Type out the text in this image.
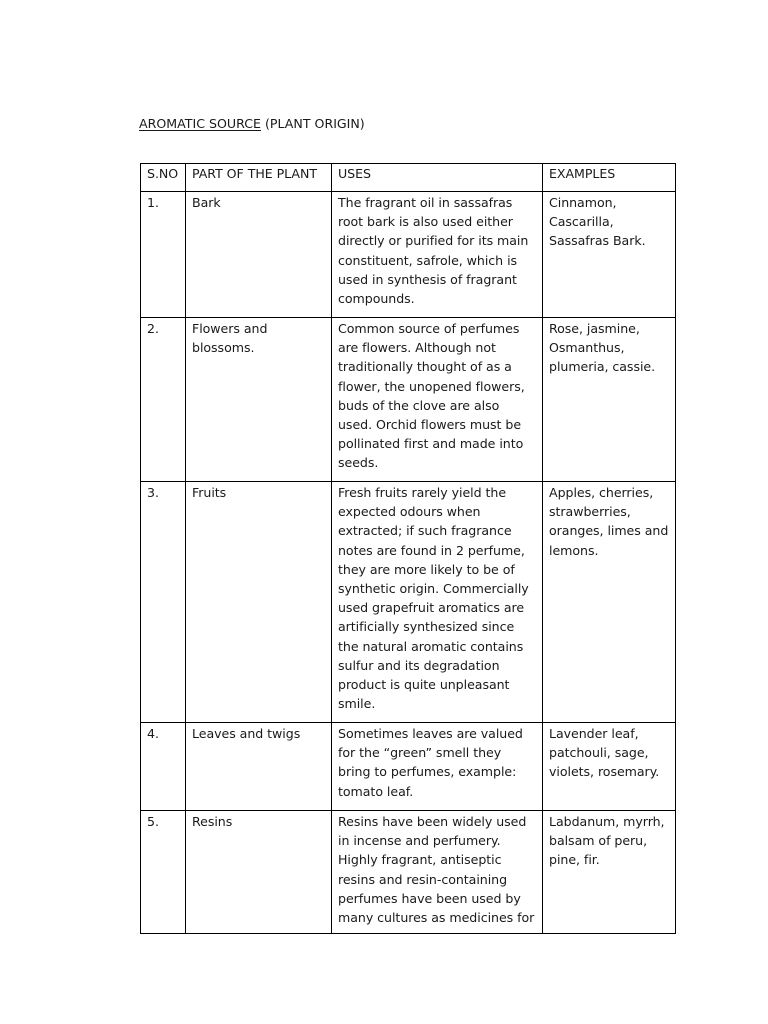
AROMATIC SOURCE (PLANT ORIGIN)
S.NO	PART OF THE PLANT	USES	EXAMPLES
1.	Bark	The fragrant oil in sassafras root bark is also used either directly or purified for its main constituent, safrole, which is used in synthesis of fragrant compounds.	Cinnamon, Cascarilla, Sassafras Bark.
2.	Flowers and blossoms.	Common source of perfumes are flowers. Although not traditionally thought of as a flower, the unopened flowers, buds of the clove are also used. Orchid flowers must be pollinated first and made into seeds.	Rose, jasmine, Osmanthus, plumeria, cassie.
3.	Fruits	Fresh fruits rarely yield the expected odours when extracted; if such fragrance notes are found in 2 perfume, they are more likely to be of synthetic origin. Commercially used grapefruit aromatics are artificially synthesized since the natural aromatic contains sulfur and its degradation product is quite unpleasant smile.	Apples, cherries, strawberries, oranges, limes and lemons.
4.	Leaves and twigs	Sometimes leaves are valued for the “green” smell they bring to perfumes, example: tomato leaf.	Lavender leaf, patchouli, sage, violets, rosemary.
5.	Resins	Resins have been widely used in incense and perfumery. Highly fragrant, antiseptic resins and resin-containing perfumes have been used by many cultures as medicines for	Labdanum, myrrh, balsam of peru, pine, fir.
